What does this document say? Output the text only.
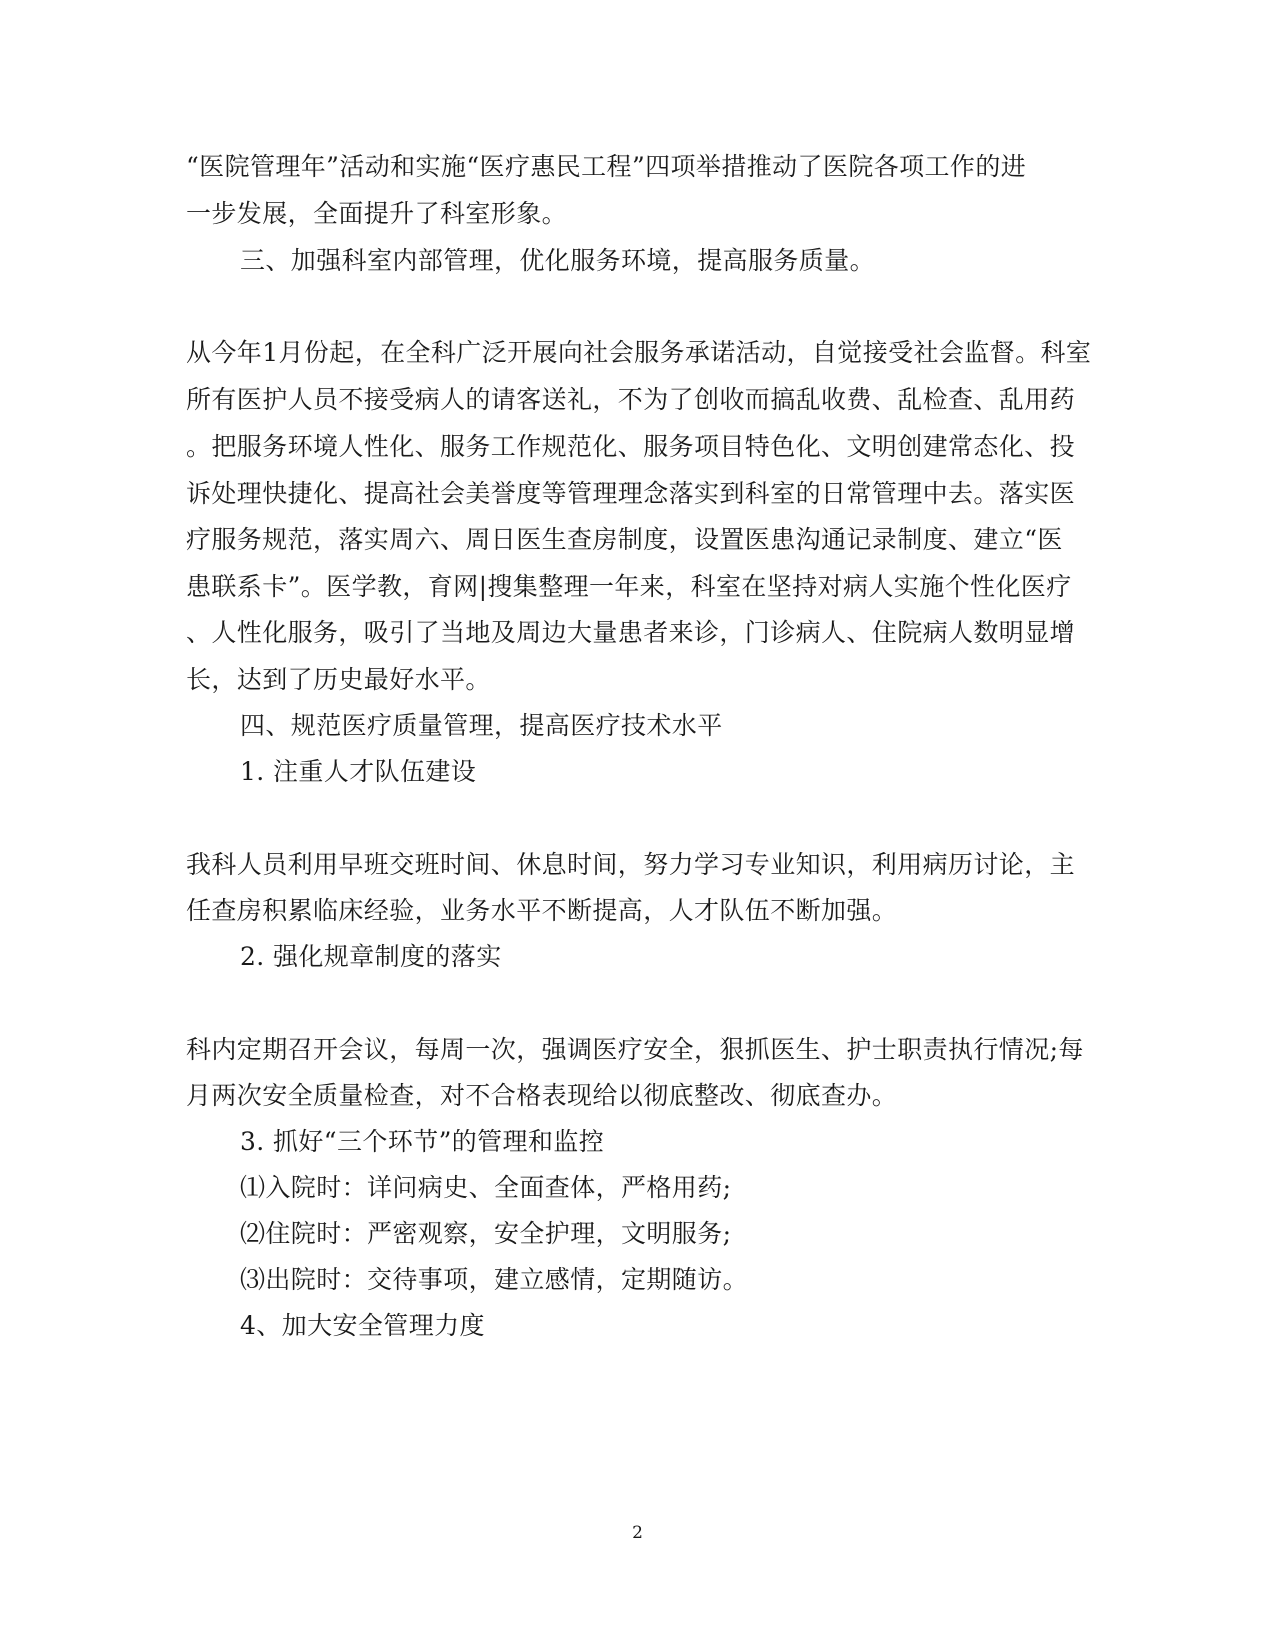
“医院管理年”活动和实施“医疗惠民工程”四项举措推动了医院各项工作的进
一步发展，全面提升了科室形象。
三、加强科室内部管理，优化服务环境，提高服务质量。
从今年1月份起，在全科广泛开展向社会服务承诺活动，自觉接受社会监督。科室
所有医护人员不接受病人的请客送礼，不为了创收而搞乱收费、乱检查、乱用药
。把服务环境人性化、服务工作规范化、服务项目特色化、文明创建常态化、投
诉处理快捷化、提高社会美誉度等管理理念落实到科室的日常管理中去。落实医
疗服务规范，落实周六、周日医生查房制度，设置医患沟通记录制度、建立“医
患联系卡”。医学教，育网|搜集整理一年来，科室在坚持对病人实施个性化医疗
、人性化服务，吸引了当地及周边大量患者来诊，门诊病人、住院病人数明显增
长，达到了历史最好水平。
四、规范医疗质量管理，提高医疗技术水平
1. 注重人才队伍建设
我科人员利用早班交班时间、休息时间，努力学习专业知识，利用病历讨论，主
任查房积累临床经验，业务水平不断提高，人才队伍不断加强。
2. 强化规章制度的落实
科内定期召开会议，每周一次，强调医疗安全，狠抓医生、护士职责执行情况;每
月两次安全质量检查，对不合格表现给以彻底整改、彻底查办。
3. 抓好“三个环节”的管理和监控
⑴入院时：详问病史、全面查体，严格用药;
⑵住院时：严密观察，安全护理，文明服务;
⑶出院时：交待事项，建立感情，定期随访。
4、加大安全管理力度
2
